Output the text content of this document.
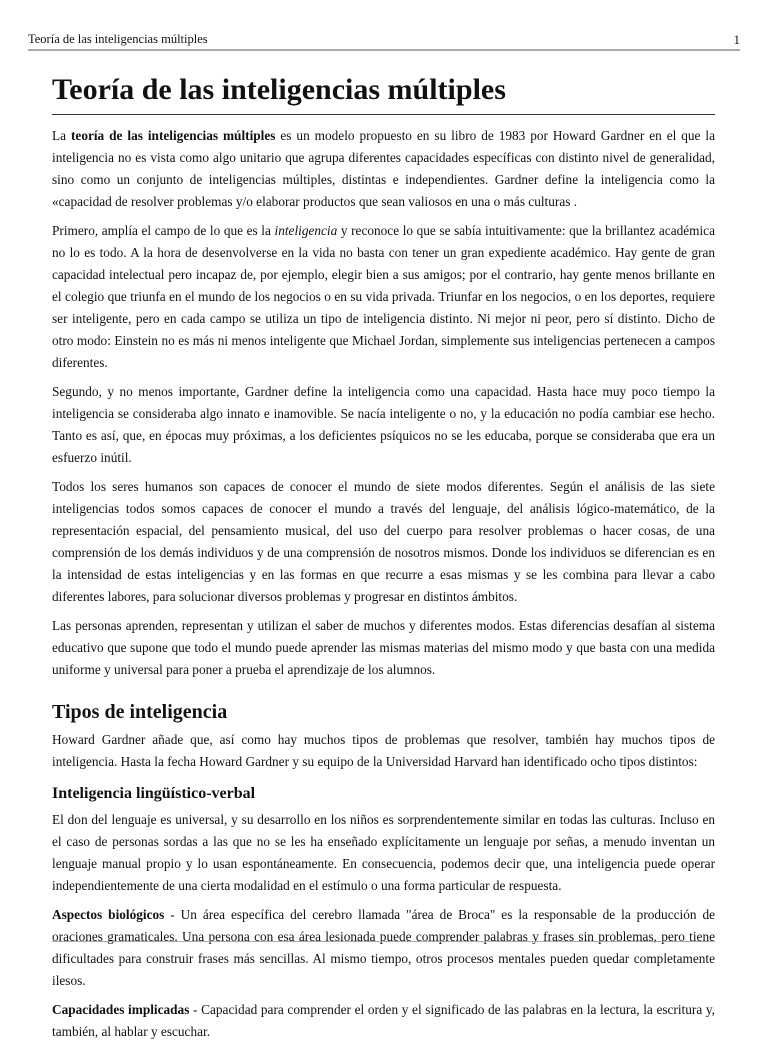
Teoría de las inteligencias múltiples	1
Teoría de las inteligencias múltiples

La teoría de las inteligencias múltiples es un modelo propuesto en su libro de 1983 por Howard Gardner en el que la inteligencia no es vista como algo unitario que agrupa diferentes capacidades específicas con distinto nivel de generalidad, sino como un conjunto de inteligencias múltiples, distintas e independientes. Gardner define la inteligencia como la «capacidad de resolver problemas y/o elaborar productos que sean valiosos en una o más culturas .

Primero, amplía el campo de lo que es la inteligencia y reconoce lo que se sabía intuitivamente: que la brillantez académica no lo es todo. A la hora de desenvolverse en la vida no basta con tener un gran expediente académico. Hay gente de gran capacidad intelectual pero incapaz de, por ejemplo, elegir bien a sus amigos; por el contrario, hay gente menos brillante en el colegio que triunfa en el mundo de los negocios o en su vida privada. Triunfar en los negocios, o en los deportes, requiere ser inteligente, pero en cada campo se utiliza un tipo de inteligencia distinto. Ni mejor ni peor, pero sí distinto. Dicho de otro modo: Einstein no es más ni menos inteligente que Michael Jordan, simplemente sus inteligencias pertenecen a campos diferentes.

Segundo, y no menos importante, Gardner define la inteligencia como una capacidad. Hasta hace muy poco tiempo la inteligencia se consideraba algo innato e inamovible. Se nacía inteligente o no, y la educación no podía cambiar ese hecho. Tanto es así, que, en épocas muy próximas, a los deficientes psíquicos no se les educaba, porque se consideraba que era un esfuerzo inútil.

Todos los seres humanos son capaces de conocer el mundo de siete modos diferentes. Según el análisis de las siete inteligencias todos somos capaces de conocer el mundo a través del lenguaje, del análisis lógico-matemático, de la representación espacial, del pensamiento musical, del uso del cuerpo para resolver problemas o hacer cosas, de una comprensión de los demás individuos y de una comprensión de nosotros mismos. Donde los individuos se diferencian es en la intensidad de estas inteligencias y en las formas en que recurre a esas mismas y se les combina para llevar a cabo diferentes labores, para solucionar diversos problemas y progresar en distintos ámbitos.

Las personas aprenden, representan y utilizan el saber de muchos y diferentes modos. Estas diferencias desafían al sistema educativo que supone que todo el mundo puede aprender las mismas materias del mismo modo y que basta con una medida uniforme y universal para poner a prueba el aprendizaje de los alumnos.

Tipos de inteligencia

Howard Gardner añade que, así como hay muchos tipos de problemas que resolver, también hay muchos tipos de inteligencia. Hasta la fecha Howard Gardner y su equipo de la Universidad Harvard han identificado ocho tipos distintos:

Inteligencia lingüístico-verbal

El don del lenguaje es universal, y su desarrollo en los niños es sorprendentemente similar en todas las culturas. Incluso en el caso de personas sordas a las que no se les ha enseñado explícitamente un lenguaje por señas, a menudo inventan un lenguaje manual propio y lo usan espontáneamente. En consecuencia, podemos decir que, una inteligencia puede operar independientemente de una cierta modalidad en el estímulo o una forma particular de respuesta.

Aspectos biológicos - Un área específica del cerebro llamada "área de Broca" es la responsable de la producción de oraciones gramaticales. Una persona con esa área lesionada puede comprender palabras y frases sin problemas, pero tiene dificultades para construir frases más sencillas. Al mismo tiempo, otros procesos mentales pueden quedar completamente ilesos.

Capacidades implicadas - Capacidad para comprender el orden y el significado de las palabras en la lectura, la escritura y, también, al hablar y escuchar.
